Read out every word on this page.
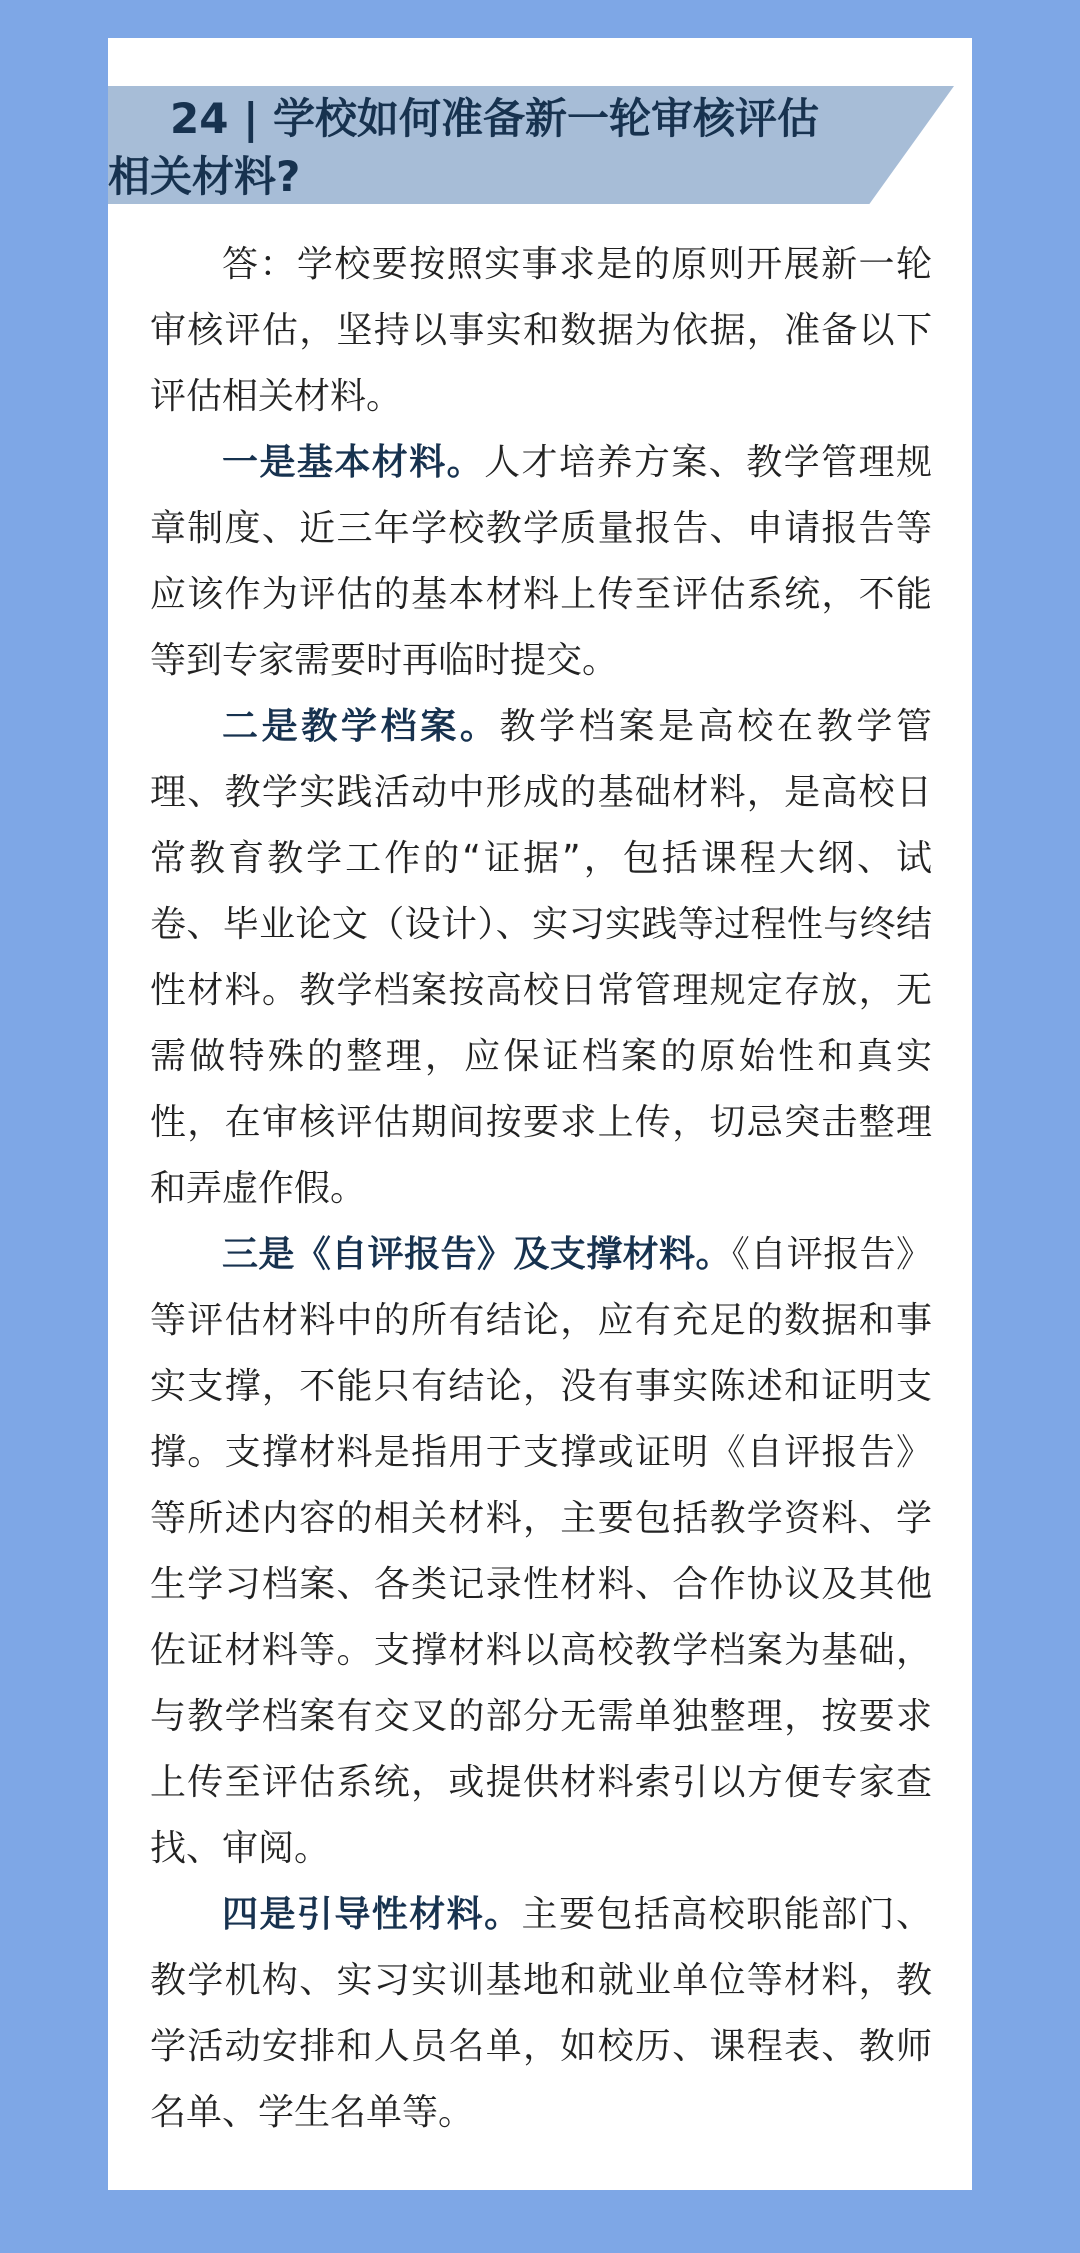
24 | 学校如何准备新一轮审核评估
相关材料?

答：学校要按照实事求是的原则开展新一轮审核评估，坚持以事实和数据为依据，准备以下评估相关材料。

一是基本材料。人才培养方案、教学管理规章制度、近三年学校教学质量报告、申请报告等应该作为评估的基本材料上传至评估系统，不能等到专家需要时再临时提交。

二是教学档案。教学档案是高校在教学管理、教学实践活动中形成的基础材料，是高校日常教育教学工作的“证据”，包括课程大纲、试卷、毕业论文（设计）、实习实践等过程性与终结性材料。教学档案按高校日常管理规定存放，无需做特殊的整理，应保证档案的原始性和真实性，在审核评估期间按要求上传，切忌突击整理和弄虚作假。

三是《自评报告》及支撑材料。《自评报告》等评估材料中的所有结论，应有充足的数据和事实支撑，不能只有结论，没有事实陈述和证明支撑。支撑材料是指用于支撑或证明《自评报告》等所述内容的相关材料，主要包括教学资料、学生学习档案、各类记录性材料、合作协议及其他佐证材料等。支撑材料以高校教学档案为基础，与教学档案有交叉的部分无需单独整理，按要求上传至评估系统，或提供材料索引以方便专家查找、审阅。

四是引导性材料。主要包括高校职能部门、教学机构、实习实训基地和就业单位等材料，教学活动安排和人员名单，如校历、课程表、教师名单、学生名单等。
